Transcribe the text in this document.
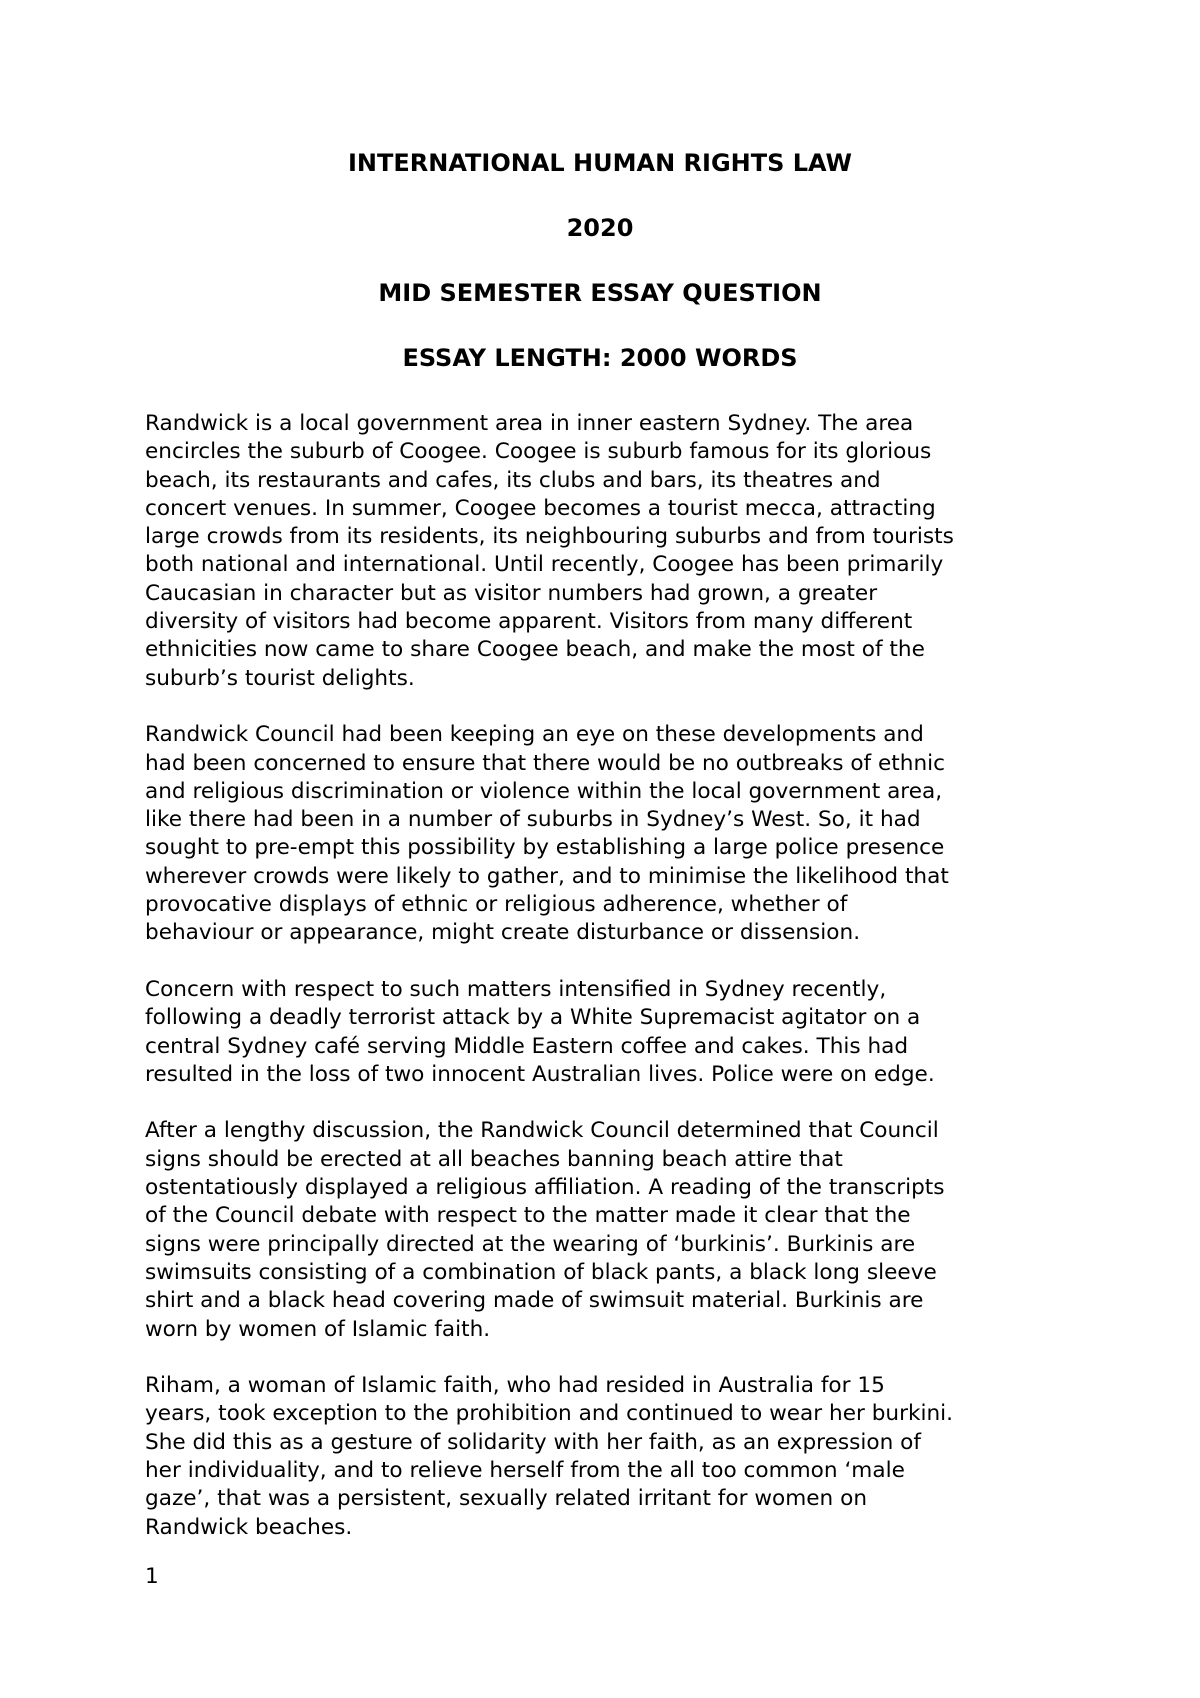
INTERNATIONAL HUMAN RIGHTS LAW
2020
MID SEMESTER ESSAY QUESTION
ESSAY LENGTH: 2000 WORDS

Randwick is a local government area in inner eastern Sydney. The area
encircles the suburb of Coogee. Coogee is suburb famous for its glorious
beach, its restaurants and cafes, its clubs and bars, its theatres and
concert venues. In summer, Coogee becomes a tourist mecca, attracting
large crowds from its residents, its neighbouring suburbs and from tourists
both national and international. Until recently, Coogee has been primarily
Caucasian in character but as visitor numbers had grown, a greater
diversity of visitors had become apparent. Visitors from many different
ethnicities now came to share Coogee beach, and make the most of the
suburb’s tourist delights.

Randwick Council had been keeping an eye on these developments and
had been concerned to ensure that there would be no outbreaks of ethnic
and religious discrimination or violence within the local government area,
like there had been in a number of suburbs in Sydney’s West. So, it had
sought to pre-empt this possibility by establishing a large police presence
wherever crowds were likely to gather, and to minimise the likelihood that
provocative displays of ethnic or religious adherence, whether of
behaviour or appearance, might create disturbance or dissension.

Concern with respect to such matters intensified in Sydney recently,
following a deadly terrorist attack by a White Supremacist agitator on a
central Sydney café serving Middle Eastern coffee and cakes. This had
resulted in the loss of two innocent Australian lives. Police were on edge.

After a lengthy discussion, the Randwick Council determined that Council
signs should be erected at all beaches banning beach attire that
ostentatiously displayed a religious affiliation. A reading of the transcripts
of the Council debate with respect to the matter made it clear that the
signs were principally directed at the wearing of ‘burkinis’. Burkinis are
swimsuits consisting of a combination of black pants, a black long sleeve
shirt and a black head covering made of swimsuit material. Burkinis are
worn by women of Islamic faith.

Riham, a woman of Islamic faith, who had resided in Australia for 15
years, took exception to the prohibition and continued to wear her burkini.
She did this as a gesture of solidarity with her faith, as an expression of
her individuality, and to relieve herself from the all too common ‘male
gaze’, that was a persistent, sexually related irritant for women on
Randwick beaches.

1
